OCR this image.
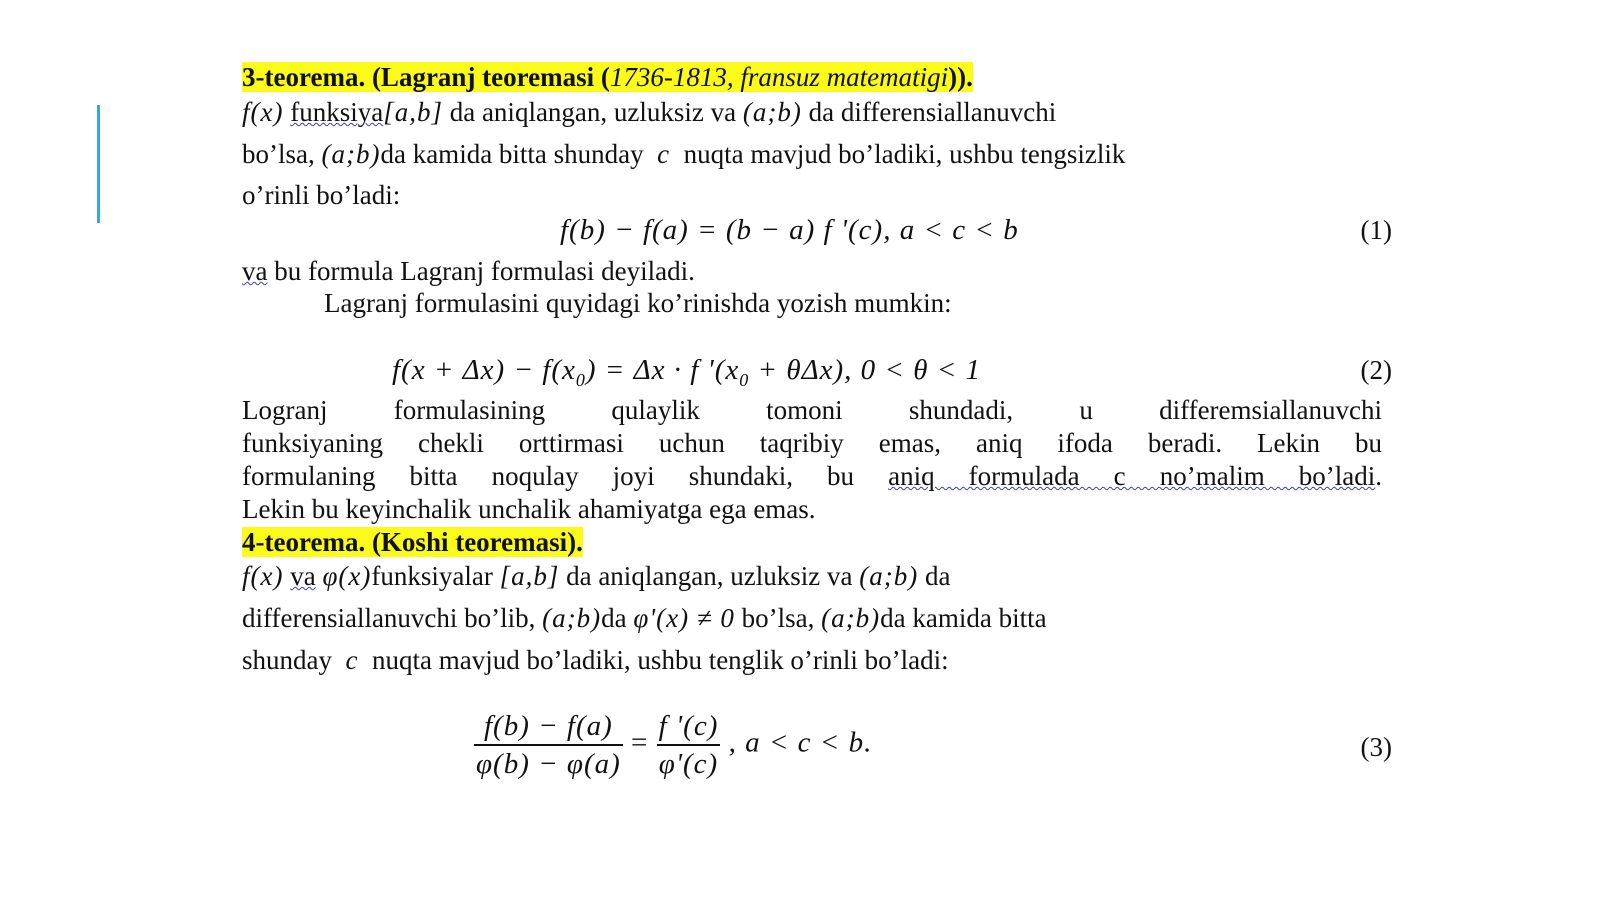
3-teorema. (Lagranj teoremasi (1736-1813, fransuz matematigi)).
f(x) funksiya[a,b] da aniqlangan, uzluksiz va (a;b) da differensiallanuvchi
bo’lsa, (a;b)da kamida bitta shunday c nuqta mavjud bo’ladiki, ushbu tengsizlik
o’rinli bo’ladi:
f(b) − f(a) = (b − a) f '(c), a < c < b	(1)
va bu formula Lagranj formulasi deyiladi.
Lagranj formulasini quyidagi ko’rinishda yozish mumkin:
$f(x + \Delta x) - f(x_0) = \Delta x \cdot f$ '$(x_0 + \theta\Delta x)$, 0 < θ < 1	(2)
Logranj formulasining qulaylik tomoni shundadi, u differemsiallanuvchi
funksiyaning chekli orttirmasi uchun taqribiy emas, aniq ifoda beradi. Lekin bu
formulaning bitta noqulay joyi shundaki, bu aniq formulada c no’malim bo’ladi.
Lekin bu keyinchalik unchalik ahamiyatga ega emas.
4-teorema. (Koshi teoremasi).
f(x) va φ(x)funksiyalar [a,b] da aniqlangan, uzluksiz va (a;b) da
differensiallanuvchi bo’lib, (a;b)da φ'(x) ≠ 0 bo’lsa, (a;b)da kamida bitta
shunday c nuqta mavjud bo’ladiki, ushbu tenglik o’rinli bo’ladi:
$\frac{f(b) - f(a)}{\varphi(b) - \varphi(a)} = \frac{f '(c)}{\varphi'(c)}$ , a < c < b.	(3)
